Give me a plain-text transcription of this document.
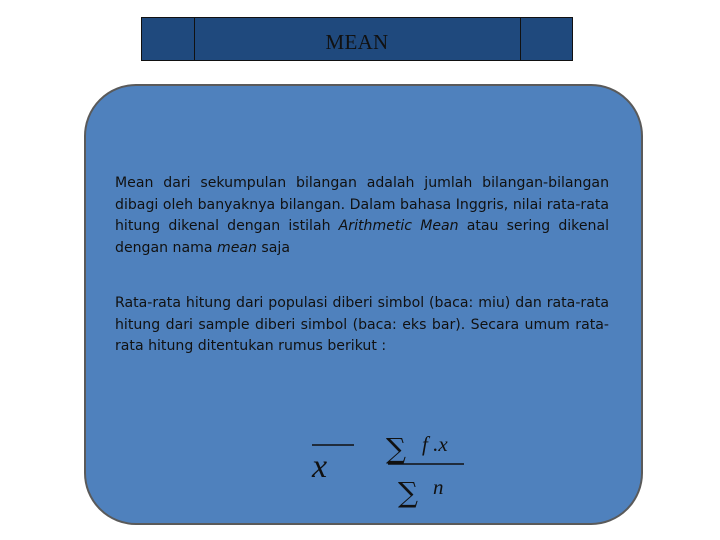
MEAN
Mean dari sekumpulan bilangan adalah jumlah bilangan-bilangan dibagi oleh banyaknya bilangan. Dalam bahasa Inggris, nilai rata-rata hitung dikenal dengan istilah Arithmetic Mean atau sering dikenal dengan nama mean saja
Rata-rata hitung dari populasi diberi simbol (baca: miu) dan rata-rata hitung dari sample diberi simbol (baca: eks bar). Secara umum rata-rata hitung ditentukan rumus berikut :
x ∑ f .x
∑ n
